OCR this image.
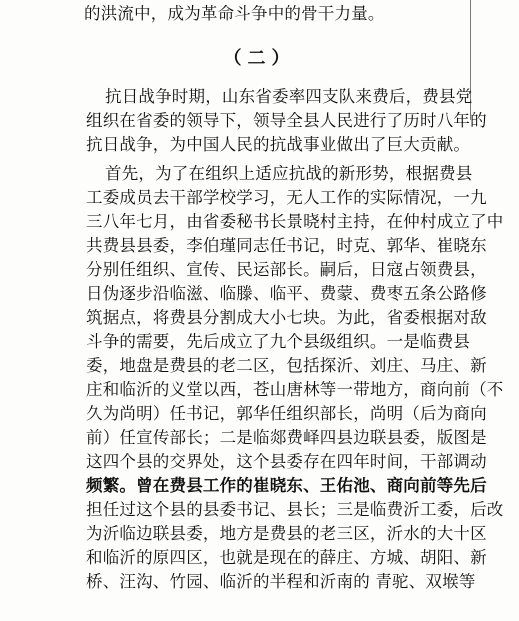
的洪流中，成为革命斗争中的骨干力量。
（二）
抗日战争时期，山东省委率四支队来费后，费县党
组织在省委的领导下，领导全县人民进行了历时八年的
抗日战争，为中国人民的抗战事业做出了巨大贡献。
首先，为了在组织上适应抗战的新形势，根据费县
工委成员去干部学校学习，无人工作的实际情况，一九
三八年七月，由省委秘书长景晓村主持，在仲村成立了中
共费县县委，李伯瑾同志任书记，时克、郭华、崔晓东
分别任组织、宣传、民运部长。嗣后，日寇占领费县，
日伪逐步沿临滋、临滕、临平、费蒙、费枣五条公路修
筑据点，将费县分割成大小七块。为此，省委根据对敌
斗争的需要，先后成立了九个县级组织。一是临费县
委，地盘是费县的老二区，包括探沂、刘庄、马庄、新
庄和临沂的义堂以西，苍山唐林等一带地方，商向前（不
久为尚明）任书记，郭华任组织部长，尚明（后为商向
前）任宣传部长；二是临郯费峄四县边联县委，版图是
这四个县的交界处，这个县委存在四年时间，干部调动
频繁。曾在费县工作的崔晓东、王佑池、商向前等先后
担任过这个县的县委书记、县长；三是临费沂工委，后改
为沂临边联县委，地方是费县的老三区，沂水的大十区
和临沂的原四区，也就是现在的薛庄、方城、胡阳、新
桥、汪沟、竹园、临沂的半程和沂南的 青驼、双堠等
